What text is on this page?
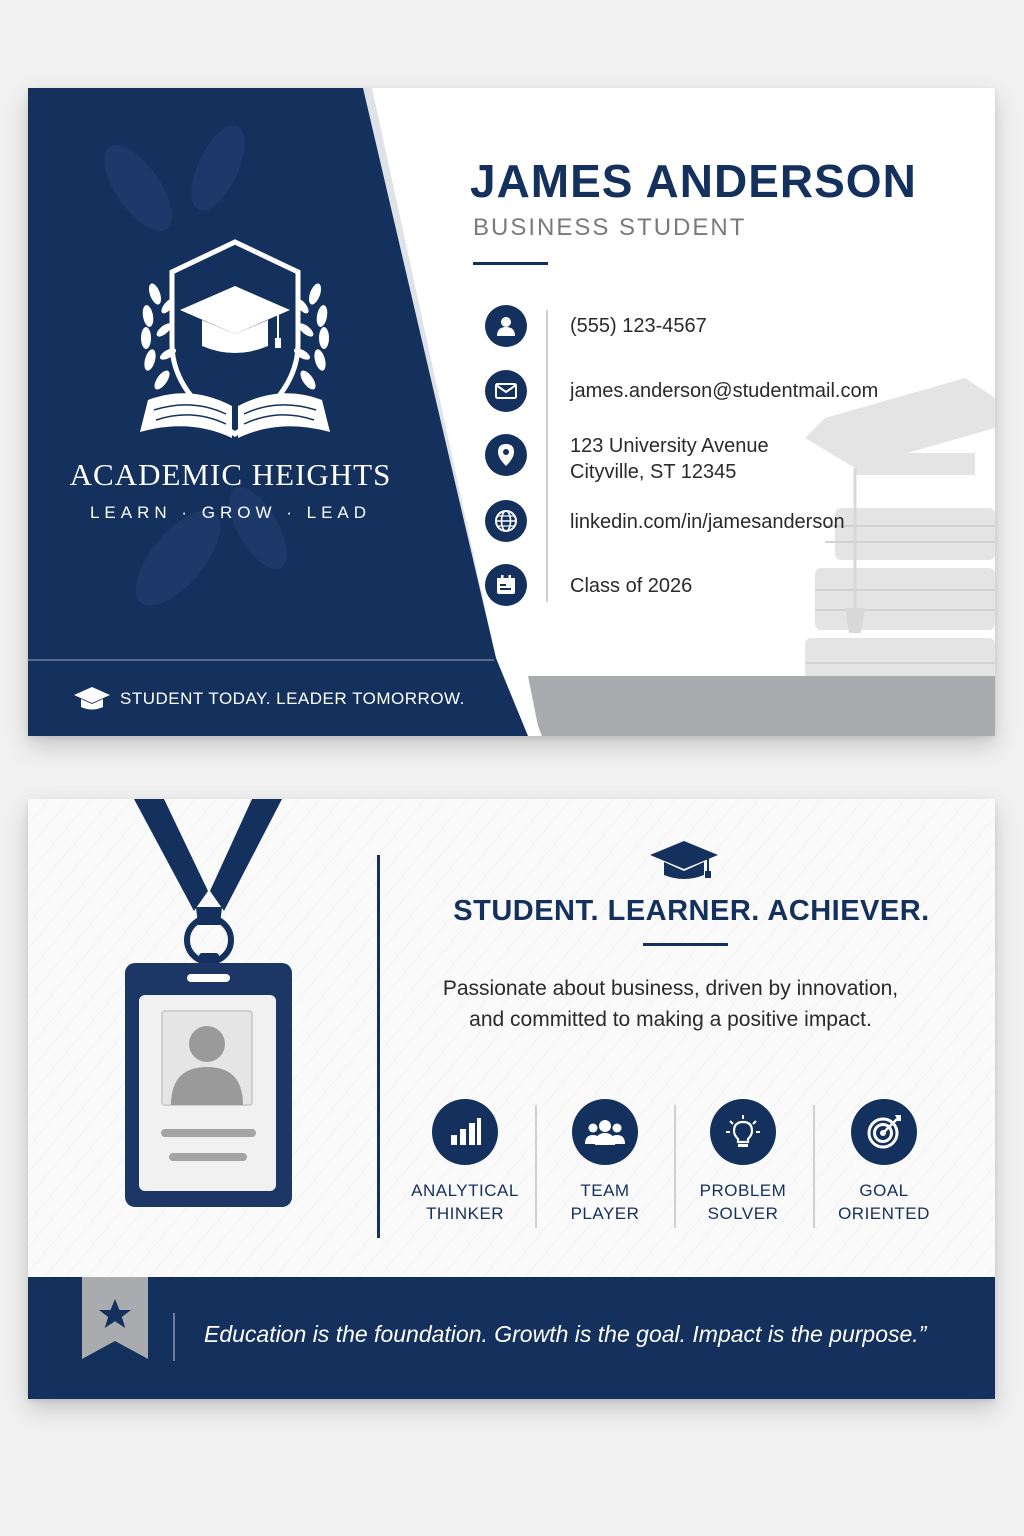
ACADEMIC HEIGHTS
LEARN · GROW · LEAD
STUDENT TODAY. LEADER TOMORROW.
JAMES ANDERSON
BUSINESS STUDENT
(555) 123-4567
james.anderson@studentmail.com
123 University Avenue
Cityville, ST 12345
linkedin.com/in/jamesanderson
Class of 2026
STUDENT. LEARNER. ACHIEVER.
Passionate about business, driven by innovation, and committed to making a positive impact.
ANALYTICAL
THINKER
TEAM
PLAYER
PROBLEM
SOLVER
GOAL
ORIENTED
Education is the foundation. Growth is the goal. Impact is the purpose.”
